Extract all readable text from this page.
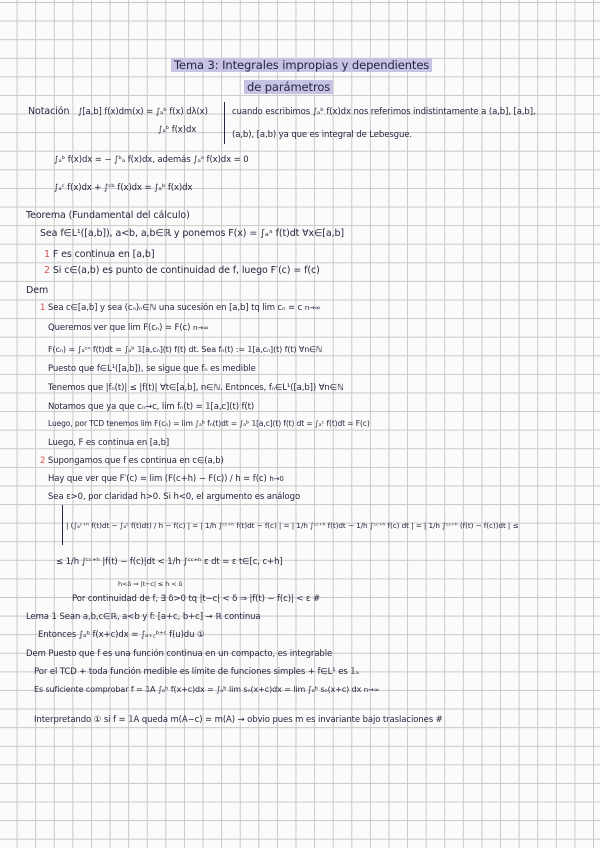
Tema 3: Integrales impropias y dependientes
de parámetros
Notación ∫[a,b] f(x)dm(x) = ∫ₐᵇ f(x) dλ(x)
∫ₐᵇ f(x)dx
cuando escribimos ∫ₐᵇ f(x)dx nos referimos indistintamente a (a,b], [a,b],
(a,b), [a,b) ya que es integral de Lebesgue.
∫ₐᵇ f(x)dx = − ∫ᵇₐ f(x)dx, además ∫ₐᵃ f(x)dx = 0
∫ₐᶜ f(x)dx + ∫ᶜᵇ f(x)dx = ∫ₐᵇ f(x)dx
Teorema (Fundamental del cálculo)
Sea f∈L¹([a,b]), a<b, a,b∈ℝ y ponemos F(x) = ∫ₐˣ f(t)dt ∀x∈[a,b]
1 F es continua en [a,b]
2 Si c∈(a,b) es punto de continuidad de f, luego F′(c) = f(c)
Dem
1 Sea c∈[a,b] y sea (cₙ)ₙ∈ℕ una sucesión en [a,b] tq lim cₙ = c n→∞
Queremos ver que lim F(cₙ) = F(c) n→∞
F(cₙ) = ∫ₐᶜⁿ f(t)dt = ∫ₐᵇ 𝟙[a,cₙ](t) f(t) dt. Sea fₙ(t) := 𝟙[a,cₙ](t) f(t) ∀n∈ℕ
Puesto que f∈L¹([a,b]), se sigue que fₙ es medible
Tenemos que |fₙ(t)| ≤ |f(t)| ∀t∈[a,b], n∈ℕ. Entonces, fₙ∈L¹([a,b]) ∀n∈ℕ
Notamos que ya que cₙ→c, lim fₙ(t) = 𝟙[a,c](t) f(t)
Luego, por TCD tenemos lim F(cₙ) = lim ∫ₐᵇ fₙ(t)dt = ∫ₐᵇ 𝟙[a,c](t) f(t) dt = ∫ₐᶜ f(t)dt = F(c)
Luego, F es continua en [a,b]
2 Supongamos que f es continua en c∈(a,b)
Hay que ver que F′(c) = lim (F(c+h) − F(c)) / h = f(c) h→0
Sea ε>0, por claridad h>0. Si h<0, el argumento es análogo
| (∫ₐᶜ⁺ʰ f(t)dt − ∫ₐᶜ f(t)dt) / h − f(c) | = | 1/h ∫ᶜᶜ⁺ʰ f(t)dt − f(c) | = | 1/h ∫ᶜᶜ⁺ʰ f(t)dt − 1/h ∫ᶜᶜ⁺ʰ f(c) dt | = | 1/h ∫ᶜᶜ⁺ʰ (f(t) − f(c))dt | ≤
≤ 1/h ∫ᶜᶜ⁺ʰ |f(t) − f(c)|dt < 1/h ∫ᶜᶜ⁺ʰ ε dt = ε t∈[c, c+h]
h<δ ⇒ |t−c| ≤ h < δ
Por continuidad de f, ∃ δ>0 tq |t−c| < δ ⇒ |f(t) − f(c)| < ε #
Lema 1 Sean a,b,c∈ℝ, a<b y f: [a+c, b+c] → ℝ continua
Entonces ∫ₐᵇ f(x+c)dx = ∫ₐ₊꜀ᵇ⁺ᶜ f(u)du ①
Dem Puesto que f es una función continua en un compacto, es integrable
Por el TCD + toda función medible es límite de funciones simples + f∈L¹ es 𝟙ₐ
Es suficiente comprobar f = 𝟙A ∫ₐᵇ f(x+c)dx = ∫ₐᵇ lim sₙ(x+c)dx = lim ∫ₐᵇ sₙ(x+c) dx n→∞
Interpretando ① si f = 𝟙A queda m(A−c) = m(A) → obvio pues m es invariante bajo traslaciones #
